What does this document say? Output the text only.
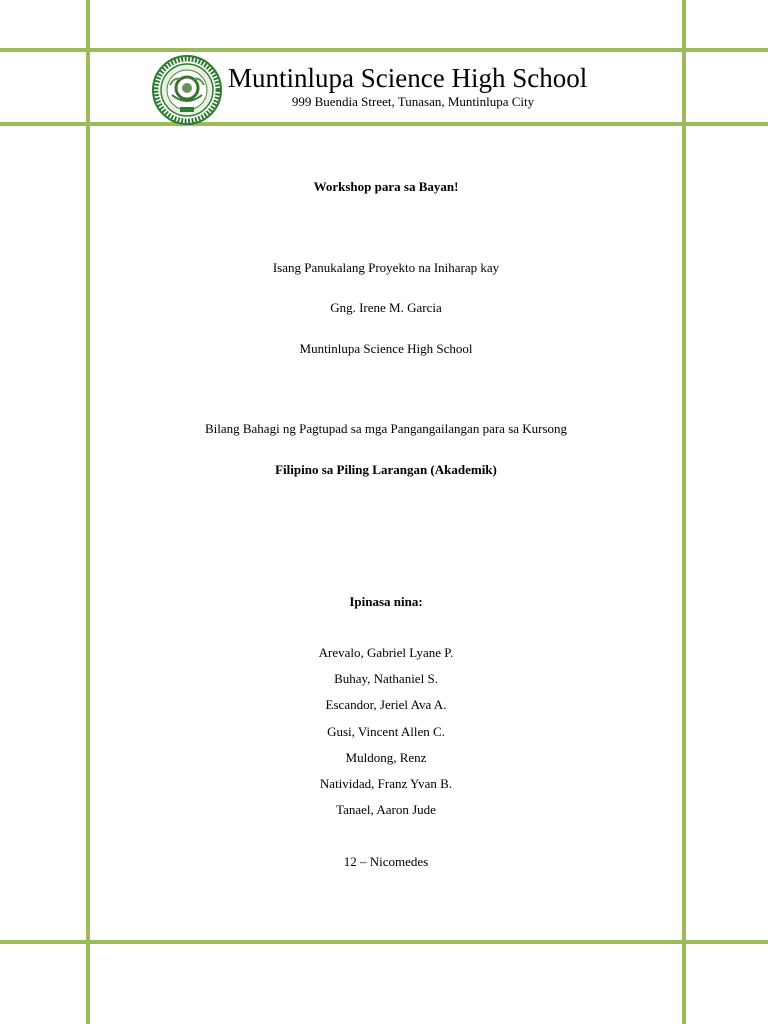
Muntinlupa Science High School
999 Buendia Street, Tunasan, Muntinlupa City
Workshop para sa Bayan!
Isang Panukalang Proyekto na Iniharap kay
Gng. Irene M. Garcia
Muntinlupa Science High School
Bilang Bahagi ng Pagtupad sa mga Pangangailangan para sa Kursong
Filipino sa Piling Larangan (Akademik)
Ipinasa nina:
Arevalo, Gabriel Lyane P.
Buhay, Nathaniel S.
Escandor, Jeriel Ava A.
Gusi, Vincent Allen C.
Muldong, Renz
Natividad, Franz Yvan B.
Tanael, Aaron Jude
12 – Nicomedes
